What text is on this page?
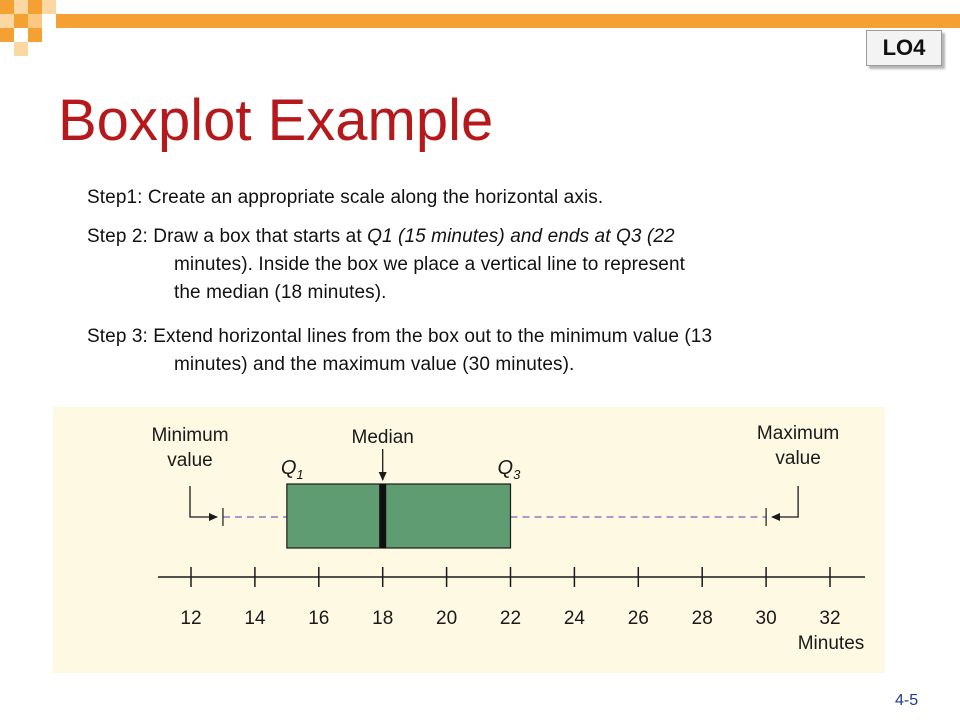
LO4
Boxplot Example
Step1: Create an appropriate scale along the horizontal axis.
Step 2: Draw a box that starts at Q1 (15 minutes) and ends at Q3 (22
minutes). Inside the box we place a vertical line to represent
the median (18 minutes).
Step 3: Extend horizontal lines from the box out to the minimum value (13
minutes) and the maximum value (30 minutes).
12 14 16 18 20 22 24 26 28 30 32
Minutes
$Q_1$	$Q_3$
Median
Minimum
value
Maximum
value
4-5
